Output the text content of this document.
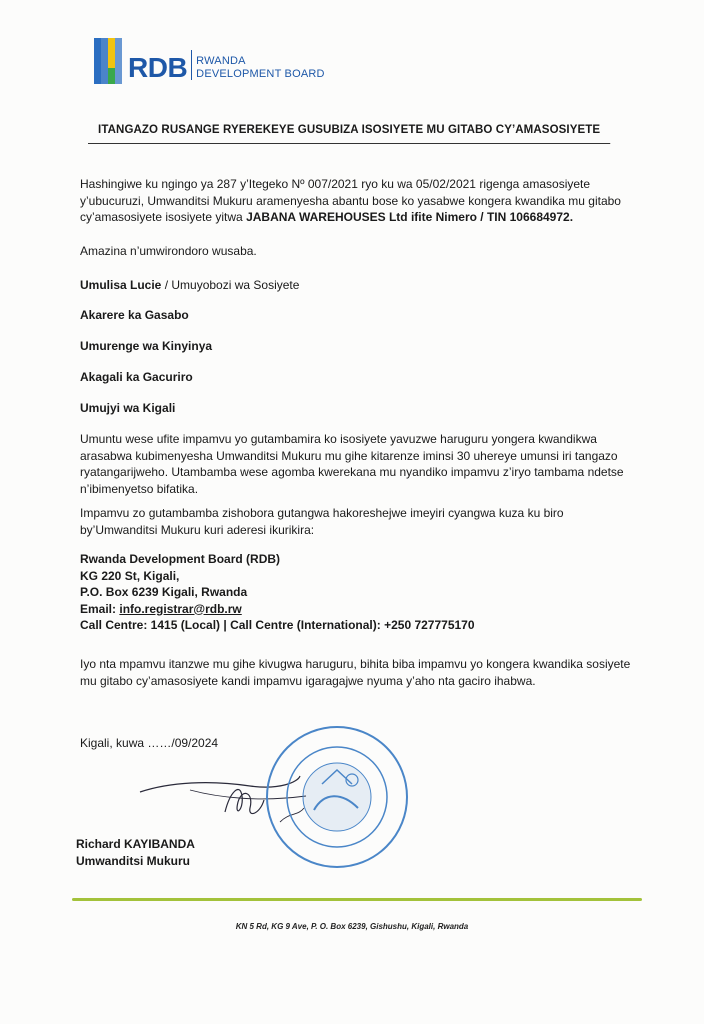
RDB RWANDA
DEVELOPMENT BOARD
ITANGAZO RUSANGE RYEREKEYE GUSUBIZA ISOSIYETE MU GITABO CY’AMASOSIYETE
Hashingiwe ku ngingo ya 287 y’Itegeko Nº 007/2021 ryo ku wa 05/02/2021 rigenga amasosiyete y’ubucuruzi, Umwanditsi Mukuru aramenyesha abantu bose ko yasabwe kongera kwandika mu gitabo cy’amasosiyete isosiyete yitwa JABANA WAREHOUSES Ltd ifite Nimero / TIN 106684972.
Amazina n’umwirondoro wusaba.
Umulisa Lucie / Umuyobozi wa Sosiyete
Akarere ka Gasabo
Umurenge wa Kinyinya
Akagali ka Gacuriro
Umujyi wa Kigali
Umuntu wese ufite impamvu yo gutambamira ko isosiyete yavuzwe haruguru yongera kwandikwa arasabwa kubimenyesha Umwanditsi Mukuru mu gihe kitarenze iminsi 30 uhereye umunsi iri tangazo ryatangarijweho. Utambamba wese agomba kwerekana mu nyandiko impamvu z’iryo tambama ndetse n’ibimenyetso bifatika.
Impamvu zo gutambamba zishobora gutangwa hakoreshejwe imeyiri cyangwa kuza ku biro by’Umwanditsi Mukuru kuri aderesi ikurikira:

Rwanda Development Board (RDB)

KG 220 St, Kigali,

P.O. Box 6239 Kigali, Rwanda

Email: info.registrar@rdb.rw

Call Centre: 1415 (Local) | Call Centre (International): +250 727775170

Iyo nta mpamvu itanzwe mu gihe kivugwa haruguru, bihita biba impamvu yo kongera kwandika sosiyete mu gitabo cy’amasosiyete kandi impamvu igaragajwe nyuma y’aho nta gaciro ihabwa.
Kigali, kuwa ……/09/2024

Richard KAYIBANDA

Umwanditsi Mukuru

KN 5 Rd, KG 9 Ave, P. O. Box 6239, Gishushu, Kigali, Rwanda
